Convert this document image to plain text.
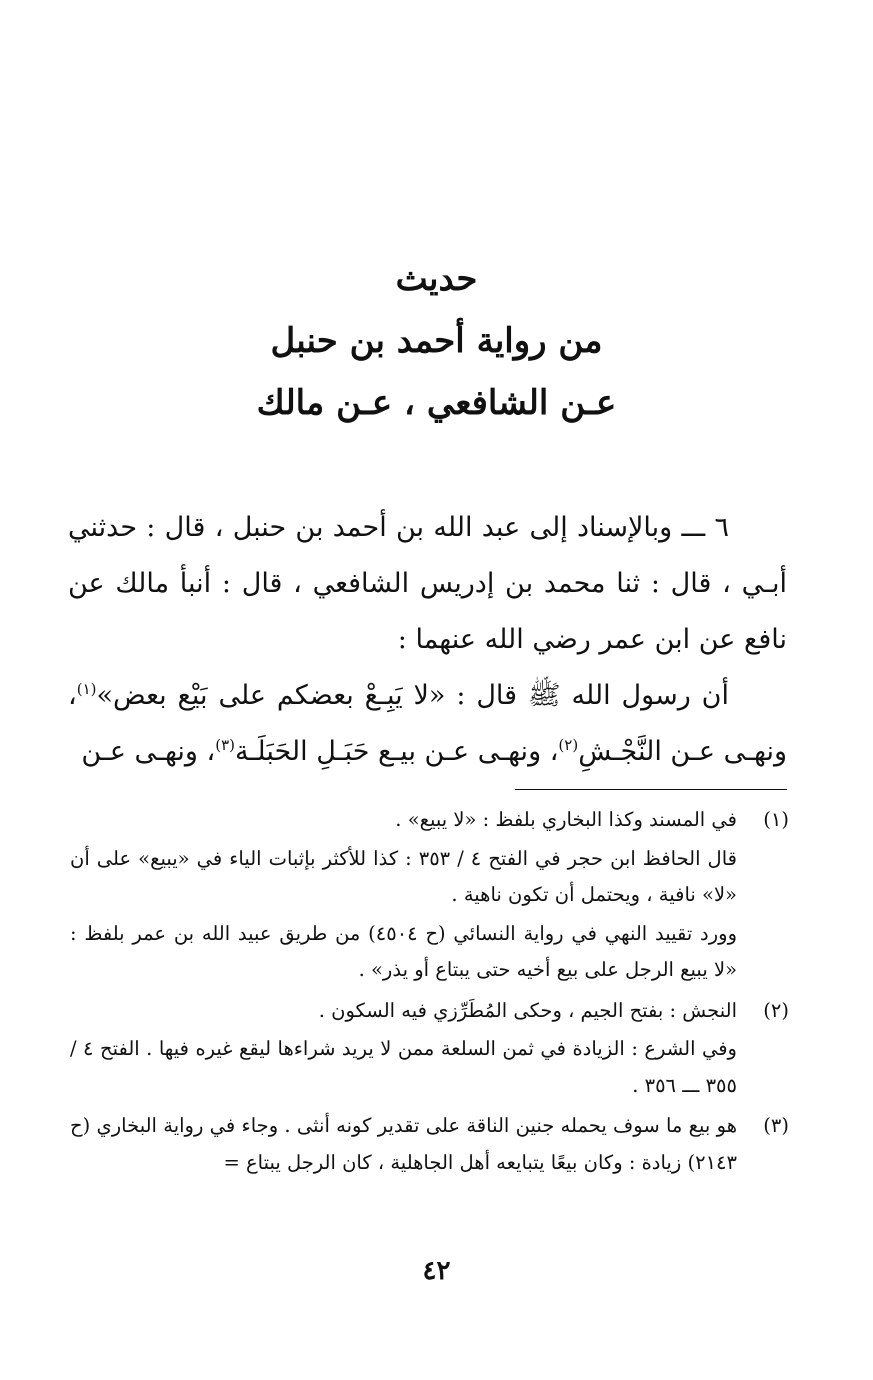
حديث
من رواية أحمد بن حنبل
عـن الشافعي ، عـن مالك

٦ ـــ وبالإسناد إلى عبد الله بن أحمد بن حنبل ، قال : حدثني أبـي ، قال : ثنا محمد بن إدريس الشافعي ، قال : أنبأ مالك عن نافع عن ابن عمر رضي الله عنهما :

أن رسول الله ﷺ قال : «لا يَبِـعْ بعضكم على بَيْع بعض»$^{(١)}$، ونهـى عـن النَّجْـشِ$^{(٢)}$، ونهـى عـن بيـع حَبَـلِ الحَبَلَـة$^{(٣)}$، ونهـى عـن

(١)

في المسند وكذا البخاري بلفظ : «لا يبيع» .

قال الحافظ ابن حجر في الفتح ٤ / ٣٥٣ : كذا للأكثر بإثبات الياء في «يبيع» على أن «لا» نافية ، ويحتمل أن تكون ناهية .

وورد تقييد النهي في رواية النسائي (ح ٤٥٠٤) من طريق عبيد الله بن عمر بلفظ : «لا يبيع الرجل على بيع أخيه حتى يبتاع أو يذر» .

(٢)

النجش : بفتح الجيم ، وحكى المُطَرِّزي فيه السكون .

وفي الشرع : الزيادة في ثمن السلعة ممن لا يريد شراءها ليقع غيره فيها . الفتح ٤ / ٣٥٥ ـــ ٣٥٦ .

(٣)

هو بيع ما سوف يحمله جنين الناقة على تقدير كونه أنثى . وجاء في رواية البخاري (ح ٢١٤٣) زيادة : وكان بيعًا يتبايعه أهل الجاهلية ، كان الرجل يبتاع =

٤٢
